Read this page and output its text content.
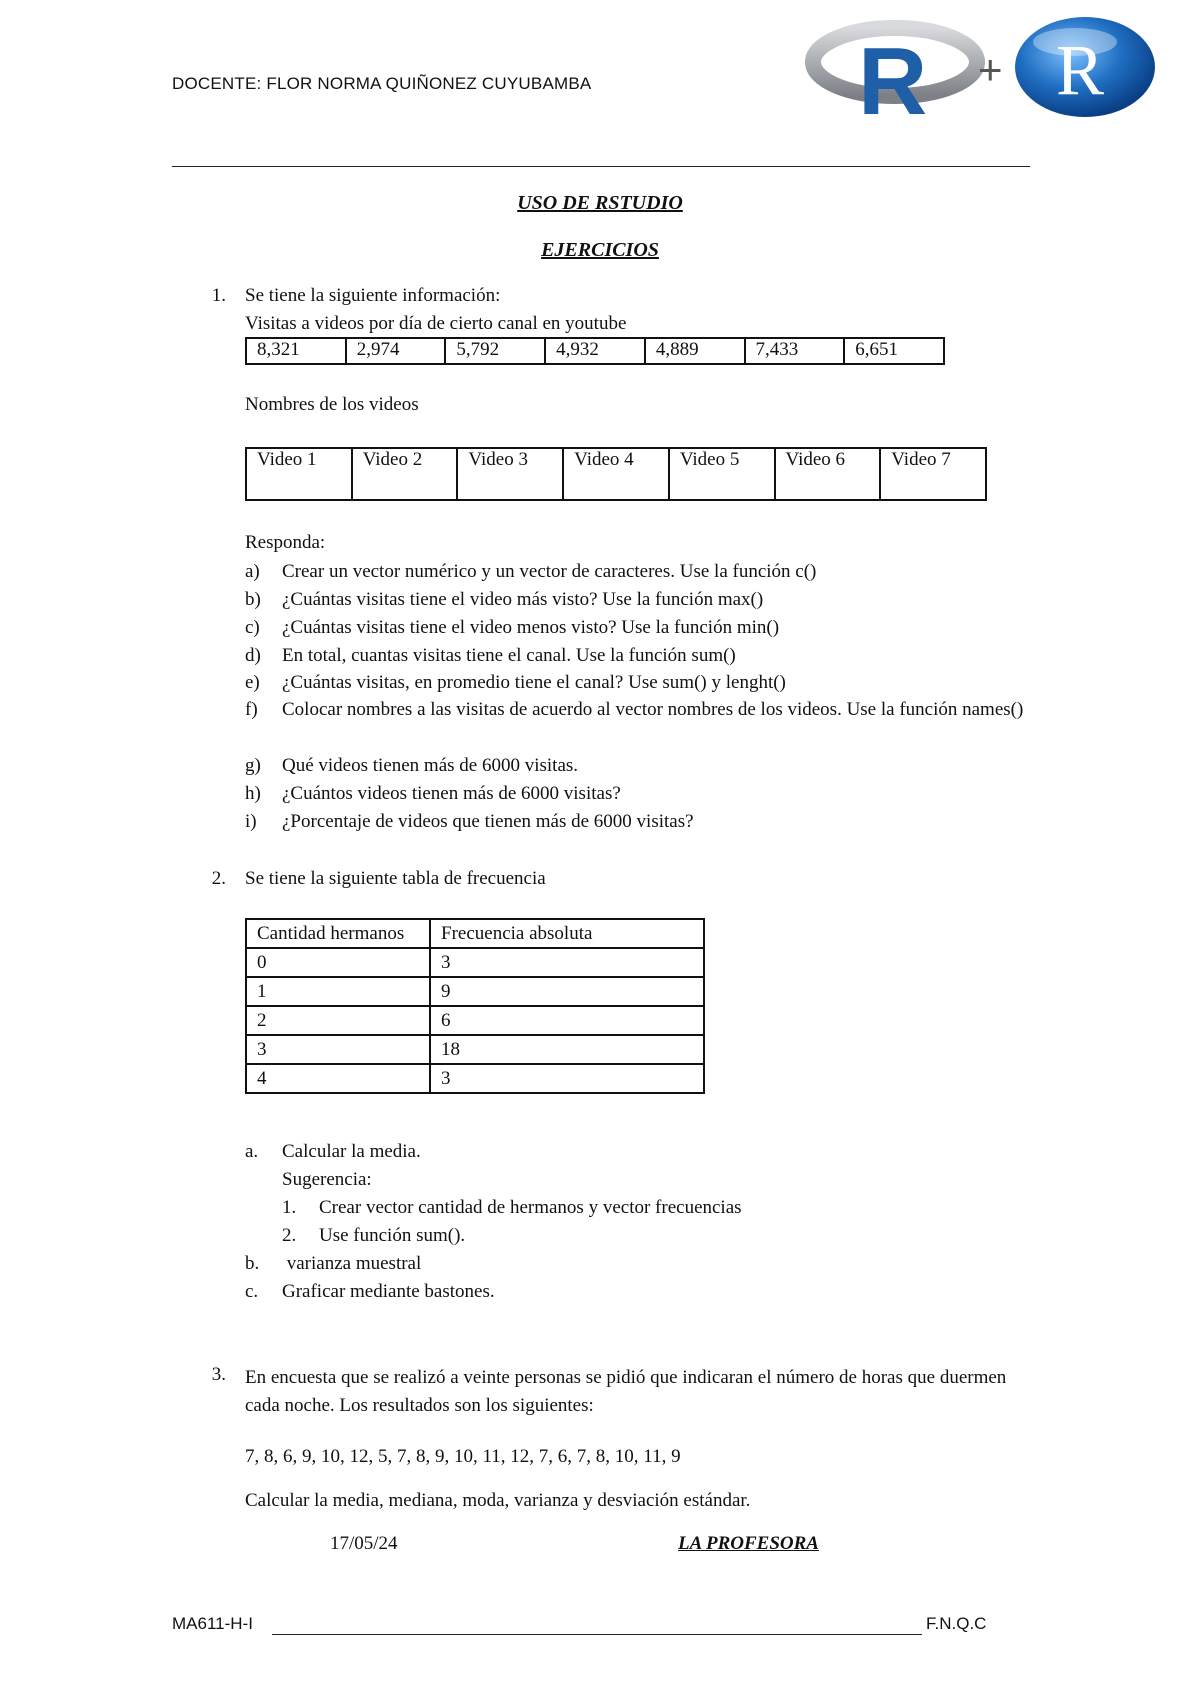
DOCENTE: FLOR NORMA QUIÑONEZ CUYUBAMBA	R + R
USO DE RSTUDIO
EJERCICIOS
1. Se tiene la siguiente información:
Visitas a videos por día de cierto canal en youtube
8,321	2,974	5,792	4,932	4,889	7,433	6,651
Nombres de los videos
Video 1	Video 2	Video 3	Video 4	Video 5	Video 6	Video 7
Responda:
a)	Crear un vector numérico y un vector de caracteres. Use la función c()
b)	¿Cuántas visitas tiene el video más visto? Use la función max()
c)	¿Cuántas visitas tiene el video menos visto? Use la función min()
d)	En total, cuantas visitas tiene el canal. Use la función sum()
e)	¿Cuántas visitas, en promedio tiene el canal? Use sum() y lenght()
f)	Colocar nombres a las visitas de acuerdo al vector nombres de los videos. Use la función names()
g)	Qué videos tienen más de 6000 visitas.
h)	¿Cuántos videos tienen más de 6000 visitas?
i)	¿Porcentaje de videos que tienen más de 6000 visitas?
2. Se tiene la siguiente tabla de frecuencia
Cantidad hermanos	Frecuencia absoluta
0	3
1	9
2	6
3	18
4	3
a.	Calcular la media.
Sugerencia:
1.	Crear vector cantidad de hermanos y vector frecuencias
2.	Use función sum().
b.	varianza muestral
c.	Graficar mediante bastones.
3. En encuesta que se realizó a veinte personas se pidió que indicaran el número de horas que duermen cada noche. Los resultados son los siguientes:
7, 8, 6, 9, 10, 12, 5, 7, 8, 9, 10, 11, 12, 7, 6, 7, 8, 10, 11, 9
Calcular la media, mediana, moda, varianza y desviación estándar.
17/05/24	LA PROFESORA
MA611-H-I	F.N.Q.C
